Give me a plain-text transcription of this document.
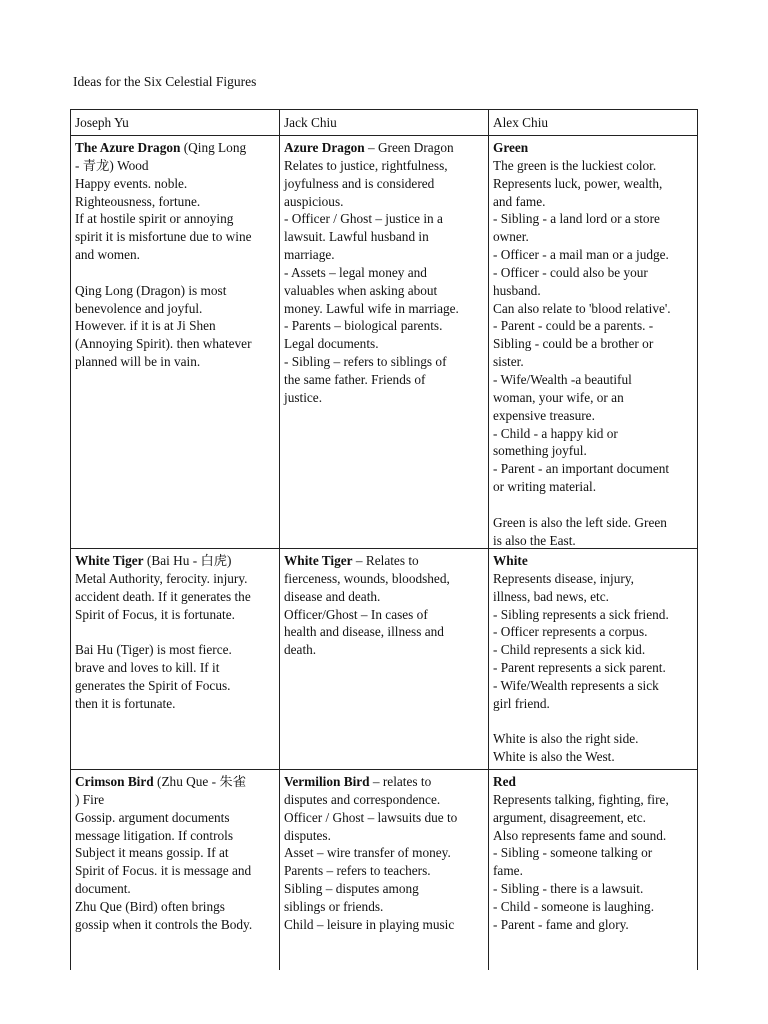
Ideas for the Six Celestial Figures
Joseph Yu	Jack Chiu	Alex Chiu
The Azure Dragon (Qing Long
- 青龙) Wood
Happy events. noble.
Righteousness, fortune.
If at hostile spirit or annoying
spirit it is misfortune due to wine
and women.
Qing Long (Dragon) is most
benevolence and joyful.
However. if it is at Ji Shen
(Annoying Spirit). then whatever
planned will be in vain.
Azure Dragon – Green Dragon
Relates to justice, rightfulness,
joyfulness and is considered
auspicious.
- Officer / Ghost – justice in a
lawsuit. Lawful husband in
marriage.
- Assets – legal money and
valuables when asking about
money. Lawful wife in marriage.
- Parents – biological parents.
Legal documents.
- Sibling – refers to siblings of
the same father. Friends of
justice.
Green
The green is the luckiest color.
Represents luck, power, wealth,
and fame.
- Sibling - a land lord or a store
owner.
- Officer - a mail man or a judge.
- Officer - could also be your
husband.
Can also relate to 'blood relative'.
- Parent - could be a parents. -
Sibling - could be a brother or
sister.
- Wife/Wealth -a beautiful
woman, your wife, or an
expensive treasure.
- Child - a happy kid or
something joyful.
- Parent - an important document
or writing material.
Green is also the left side. Green
is also the East.
White Tiger (Bai Hu - 白虎)
Metal Authority, ferocity. injury.
accident death. If it generates the
Spirit of Focus, it is fortunate.
Bai Hu (Tiger) is most fierce.
brave and loves to kill. If it
generates the Spirit of Focus.
then it is fortunate.
White Tiger – Relates to
fierceness, wounds, bloodshed,
disease and death.
Officer/Ghost – In cases of
health and disease, illness and
death.
White
Represents disease, injury,
illness, bad news, etc.
- Sibling represents a sick friend.
- Officer represents a corpus.
- Child represents a sick kid.
- Parent represents a sick parent.
- Wife/Wealth represents a sick
girl friend.
White is also the right side.
White is also the West.
Crimson Bird (Zhu Que - 朱雀
) Fire
Gossip. argument documents
message litigation. If controls
Subject it means gossip. If at
Spirit of Focus. it is message and
document.
Zhu Que (Bird) often brings
gossip when it controls the Body.
Vermilion Bird – relates to
disputes and correspondence.
Officer / Ghost – lawsuits due to
disputes.
Asset – wire transfer of money.
Parents – refers to teachers.
Sibling – disputes among
siblings or friends.
Child – leisure in playing music
Red
Represents talking, fighting, fire,
argument, disagreement, etc.
Also represents fame and sound.
- Sibling - someone talking or
fame.
- Sibling - there is a lawsuit.
- Child - someone is laughing.
- Parent - fame and glory.
